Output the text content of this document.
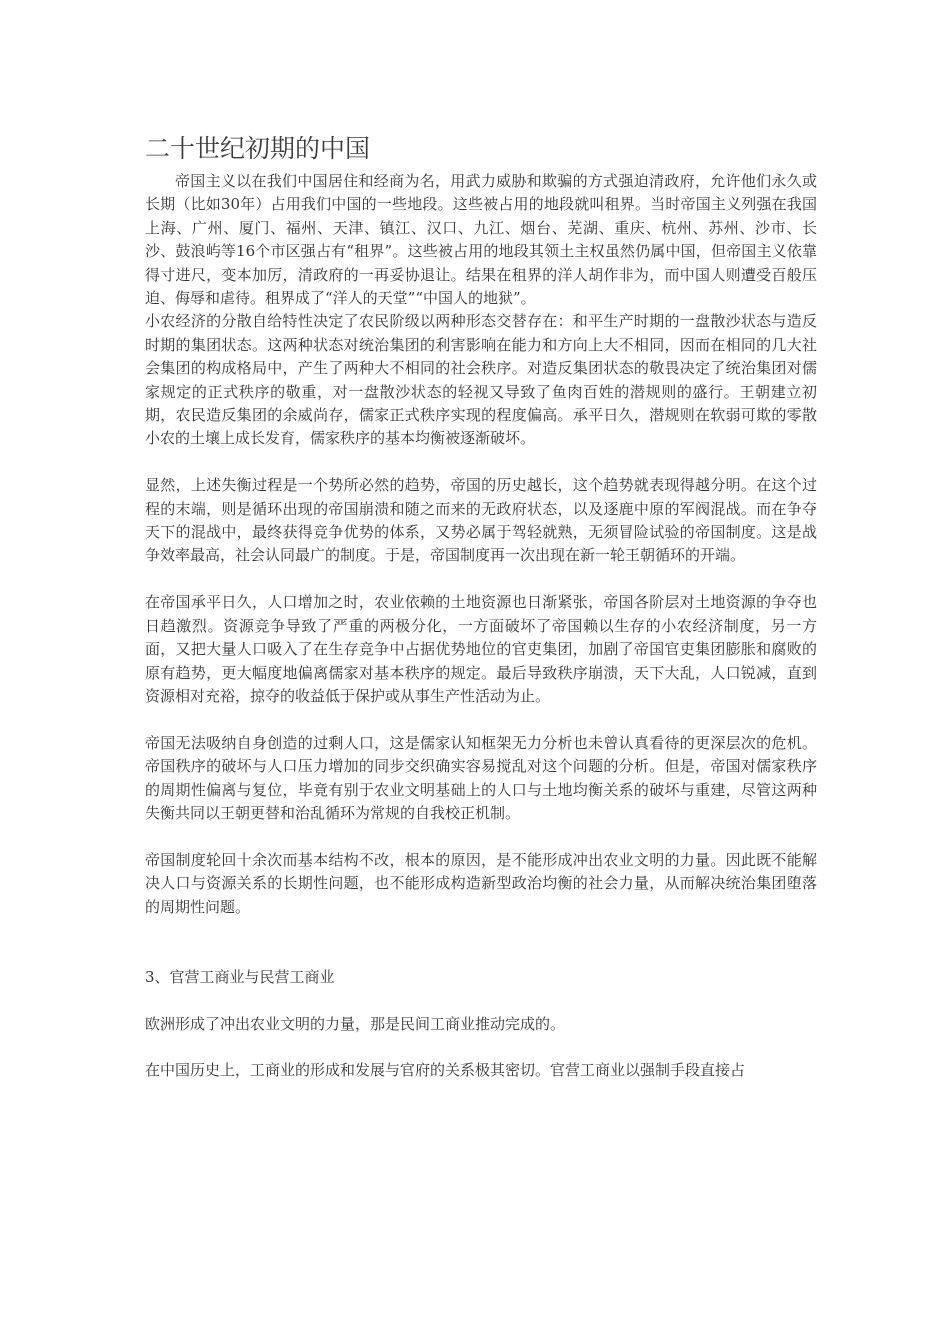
二十世纪初期的中国

帝国主义以在我们中国居住和经商为名，用武力威胁和欺骗的方式强迫清政府，允许他们永久或长期（比如30年）占用我们中国的一些地段。这些被占用的地段就叫租界。当时帝国主义列强在我国上海、广州、厦门、福州、天津、镇江、汉口、九江、烟台、芜湖、重庆、杭州、苏州、沙市、长沙、鼓浪屿等16个市区强占有“租界”。这些被占用的地段其领土主权虽然仍属中国，但帝国主义依靠得寸进尺，变本加厉，清政府的一再妥协退让。结果在租界的洋人胡作非为，而中国人则遭受百般压迫、侮辱和虐待。租界成了“洋人的天堂”“中国人的地狱”。

小农经济的分散自给特性决定了农民阶级以两种形态交替存在：和平生产时期的一盘散沙状态与造反时期的集团状态。这两种状态对统治集团的利害影响在能力和方向上大不相同，因而在相同的几大社会集团的构成格局中，产生了两种大不相同的社会秩序。对造反集团状态的敬畏决定了统治集团对儒家规定的正式秩序的敬重，对一盘散沙状态的轻视又导致了鱼肉百姓的潜规则的盛行。王朝建立初期，农民造反集团的余威尚存，儒家正式秩序实现的程度偏高。承平日久，潜规则在软弱可欺的零散小农的土壤上成长发育，儒家秩序的基本均衡被逐渐破坏。

显然，上述失衡过程是一个势所必然的趋势，帝国的历史越长，这个趋势就表现得越分明。在这个过程的末端，则是循环出现的帝国崩溃和随之而来的无政府状态，以及逐鹿中原的军阀混战。而在争夺天下的混战中，最终获得竞争优势的体系，又势必属于驾轻就熟，无须冒险试验的帝国制度。这是战争效率最高，社会认同最广的制度。于是，帝国制度再一次出现在新一轮王朝循环的开端。

在帝国承平日久，人口增加之时，农业依赖的土地资源也日渐紧张，帝国各阶层对土地资源的争夺也日趋激烈。资源竞争导致了严重的两极分化，一方面破坏了帝国赖以生存的小农经济制度，另一方面，又把大量人口吸入了在生存竞争中占据优势地位的官吏集团，加剧了帝国官吏集团膨胀和腐败的原有趋势，更大幅度地偏离儒家对基本秩序的规定。最后导致秩序崩溃，天下大乱，人口锐减，直到资源相对充裕，掠夺的收益低于保护或从事生产性活动为止。

帝国无法吸纳自身创造的过剩人口，这是儒家认知框架无力分析也未曾认真看待的更深层次的危机。帝国秩序的破坏与人口压力增加的同步交织确实容易搅乱对这个问题的分析。但是，帝国对儒家秩序的周期性偏离与复位，毕竟有别于农业文明基础上的人口与土地均衡关系的破坏与重建，尽管这两种失衡共同以王朝更替和治乱循环为常规的自我校正机制。

帝国制度轮回十余次而基本结构不改，根本的原因，是不能形成冲出农业文明的力量。因此既不能解决人口与资源关系的长期性问题，也不能形成构造新型政治均衡的社会力量，从而解决统治集团堕落的周期性问题。

3、官营工商业与民营工商业

欧洲形成了冲出农业文明的力量，那是民间工商业推动完成的。

在中国历史上，工商业的形成和发展与官府的关系极其密切。官营工商业以强制手段直接占
